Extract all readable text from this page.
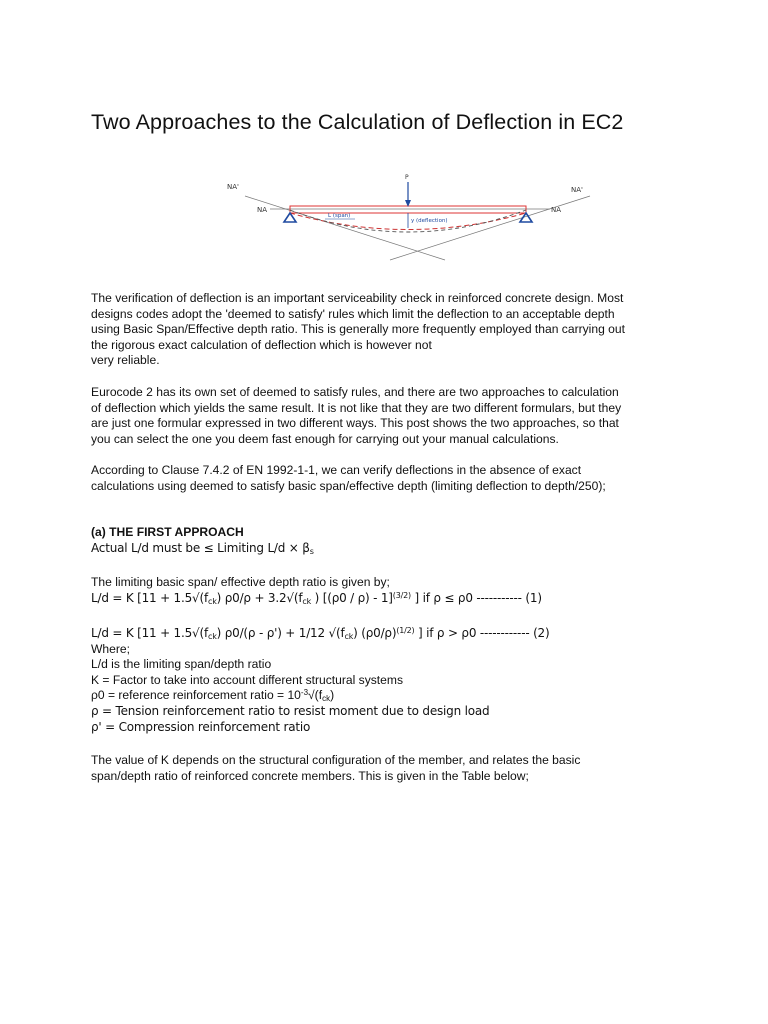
Two Approaches to the Calculation of Deflection in EC2
NA'
NA
NA'
NA
P
L (span)
y (deflection)
The verification of deflection is an important serviceability check in reinforced concrete design. Most
designs codes adopt the 'deemed to satisfy' rules which limit the deflection to an acceptable depth
using Basic Span/Effective depth ratio. This is generally more frequently employed than carrying out
the rigorous exact calculation of deflection which is however not
very reliable.
Eurocode 2 has its own set of deemed to satisfy rules, and there are two approaches to calculation
of deflection which yields the same result. It is not like that they are two different formulars, but they
are just one formular expressed in two different ways. This post shows the two approaches, so that
you can select the one you deem fast enough for carrying out your manual calculations.
According to Clause 7.4.2 of EN 1992-1-1, we can verify deflections in the absence of exact
calculations using deemed to satisfy basic span/effective depth (limiting deflection to depth/250);
(a) THE FIRST APPROACH
Actual L/d must be ≤ Limiting $L/d \times \beta_s$
The limiting basic span/ effective depth ratio is given by;
L/d = K [$11 + 1.5√(f_{ck}) \rho 0/\rho + 3.2√(f_{ck}$ ) [(ρ0 / ρ) - 1]$^{(3/2)}$ ] if ρ ≤ ρ0 ----------- (1)
L/d = K [$11 + 1.5√(f_{ck})$ ρ0/(ρ - ρ') + 1/12 $√(f_{ck})$ $(\rho 0/\rho)^{(1/2)}$ ] if ρ > ρ0 ------------ (2)
Where;
L/d is the limiting span/depth ratio
K = Factor to take into account different structural systems
ρ0 = reference reinforcement ratio = $10^{-3}√(f_{ck})$
ρ = Tension reinforcement ratio to resist moment due to design load
ρ' = Compression reinforcement ratio
The value of K depends on the structural configuration of the member, and relates the basic
span/depth ratio of reinforced concrete members. This is given in the Table below;
